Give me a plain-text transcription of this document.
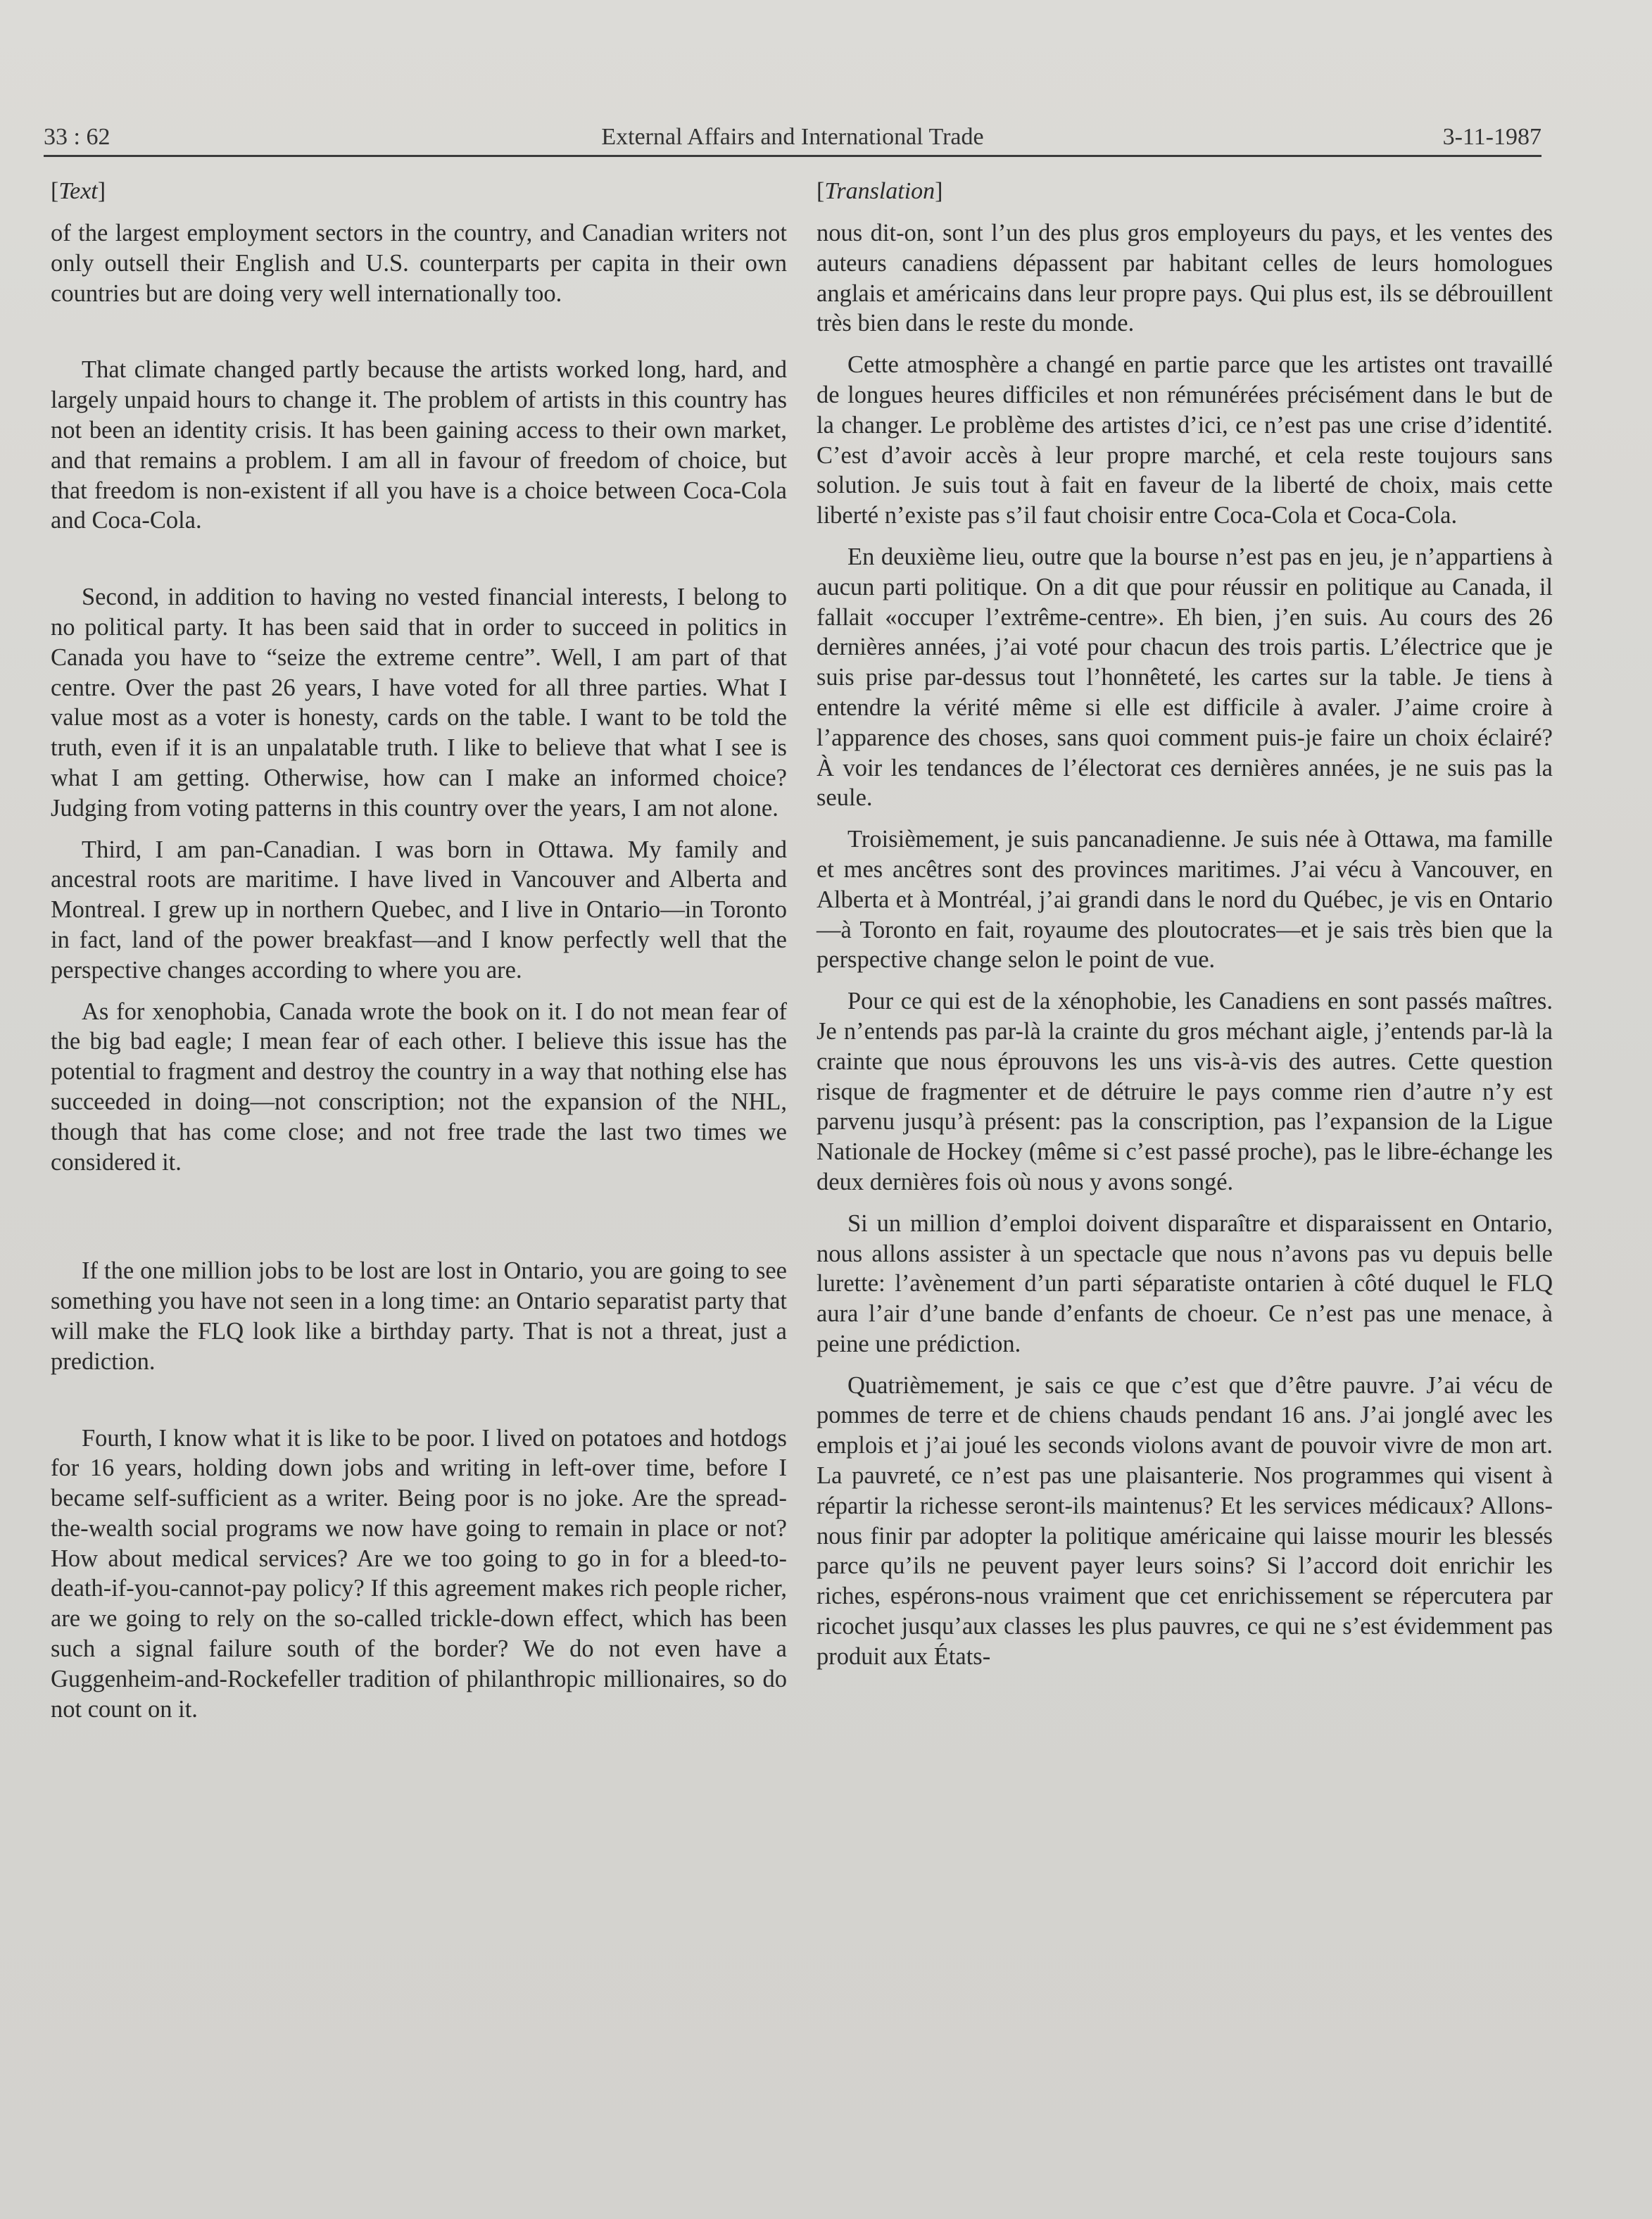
33 : 62	External Affairs and International Trade	3-11-1987
[ Text ]

of the largest employment sectors in the country, and Canadian writers not only outsell their English and U.S. counterparts per capita in their own countries but are doing very well internationally too.

That climate changed partly because the artists worked long, hard, and largely unpaid hours to change it. The problem of artists in this country has not been an identity crisis. It has been gaining access to their own market, and that remains a problem. I am all in favour of freedom of choice, but that freedom is non-existent if all you have is a choice between Coca-Cola and Coca-Cola.

Second, in addition to having no vested financial interests, I belong to no political party. It has been said that in order to succeed in politics in Canada you have to “seize the extreme centre”. Well, I am part of that centre. Over the past 26 years, I have voted for all three parties. What I value most as a voter is honesty, cards on the table. I want to be told the truth, even if it is an unpalatable truth. I like to believe that what I see is what I am getting. Otherwise, how can I make an informed choice? Judging from voting patterns in this country over the years, I am not alone.

Third, I am pan-Canadian. I was born in Ottawa. My family and ancestral roots are maritime. I have lived in Vancouver and Alberta and Montreal. I grew up in northern Quebec, and I live in Ontario—in Toronto in fact, land of the power breakfast—and I know perfectly well that the perspective changes according to where you are.

As for xenophobia, Canada wrote the book on it. I do not mean fear of the big bad eagle; I mean fear of each other. I believe this issue has the potential to fragment and destroy the country in a way that nothing else has succeeded in doing—not conscription; not the expansion of the NHL, though that has come close; and not free trade the last two times we considered it.

If the one million jobs to be lost are lost in Ontario, you are going to see something you have not seen in a long time: an Ontario separatist party that will make the FLQ look like a birthday party. That is not a threat, just a prediction.

Fourth, I know what it is like to be poor. I lived on potatoes and hotdogs for 16 years, holding down jobs and writing in left-over time, before I became self-sufficient as a writer. Being poor is no joke. Are the spread-the-wealth social programs we now have going to remain in place or not? How about medical services? Are we too going to go in for a bleed-to-death-if-you-cannot-pay policy? If this agreement makes rich people richer, are we going to rely on the so-called trickle-down effect, which has been such a signal failure south of the border? We do not even have a Guggenheim-and-Rockefeller tradition of philanthropic millionaires, so do not count on it.

[ Translation ]

nous dit-on, sont l’un des plus gros employeurs du pays, et les ventes des auteurs canadiens dépassent par habitant celles de leurs homologues anglais et américains dans leur propre pays. Qui plus est, ils se débrouillent très bien dans le reste du monde.

Cette atmosphère a changé en partie parce que les artistes ont travaillé de longues heures difficiles et non rémunérées précisément dans le but de la changer. Le problème des artistes d’ici, ce n’est pas une crise d’identité. C’est d’avoir accès à leur propre marché, et cela reste toujours sans solution. Je suis tout à fait en faveur de la liberté de choix, mais cette liberté n’existe pas s’il faut choisir entre Coca-Cola et Coca-Cola.

En deuxième lieu, outre que la bourse n’est pas en jeu, je n’appartiens à aucun parti politique. On a dit que pour réussir en politique au Canada, il fallait «occuper l’extrême-centre». Eh bien, j’en suis. Au cours des 26 dernières années, j’ai voté pour chacun des trois partis. L’électrice que je suis prise par-dessus tout l’honnêteté, les cartes sur la table. Je tiens à entendre la vérité même si elle est difficile à avaler. J’aime croire à l’apparence des choses, sans quoi comment puis-je faire un choix éclairé? À voir les tendances de l’électorat ces dernières années, je ne suis pas la seule.

Troisièmement, je suis pancanadienne. Je suis née à Ottawa, ma famille et mes ancêtres sont des provinces maritimes. J’ai vécu à Vancouver, en Alberta et à Montréal, j’ai grandi dans le nord du Québec, je vis en Ontario—à Toronto en fait, royaume des ploutocrates—et je sais très bien que la perspective change selon le point de vue.

Pour ce qui est de la xénophobie, les Canadiens en sont passés maîtres. Je n’entends pas par-là la crainte du gros méchant aigle, j’entends par-là la crainte que nous éprouvons les uns vis-à-vis des autres. Cette question risque de fragmenter et de détruire le pays comme rien d’autre n’y est parvenu jusqu’à présent: pas la conscription, pas l’expansion de la Ligue Nationale de Hockey (même si c’est passé proche), pas le libre-échange les deux dernières fois où nous y avons songé.

Si un million d’emploi doivent disparaître et disparaissent en Ontario, nous allons assister à un spectacle que nous n’avons pas vu depuis belle lurette: l’avènement d’un parti séparatiste ontarien à côté duquel le FLQ aura l’air d’une bande d’enfants de choeur. Ce n’est pas une menace, à peine une prédiction.

Quatrièmement, je sais ce que c’est que d’être pauvre. J’ai vécu de pommes de terre et de chiens chauds pendant 16 ans. J’ai jonglé avec les emplois et j’ai joué les seconds violons avant de pouvoir vivre de mon art. La pauvreté, ce n’est pas une plaisanterie. Nos programmes qui visent à répartir la richesse seront-ils maintenus? Et les services médicaux? Allons-nous finir par adopter la politique américaine qui laisse mourir les blessés parce qu’ils ne peuvent payer leurs soins? Si l’accord doit enrichir les riches, espérons-nous vraiment que cet enrichissement se répercutera par ricochet jusqu’aux classes les plus pauvres, ce qui ne s’est évidemment pas produit aux États-
